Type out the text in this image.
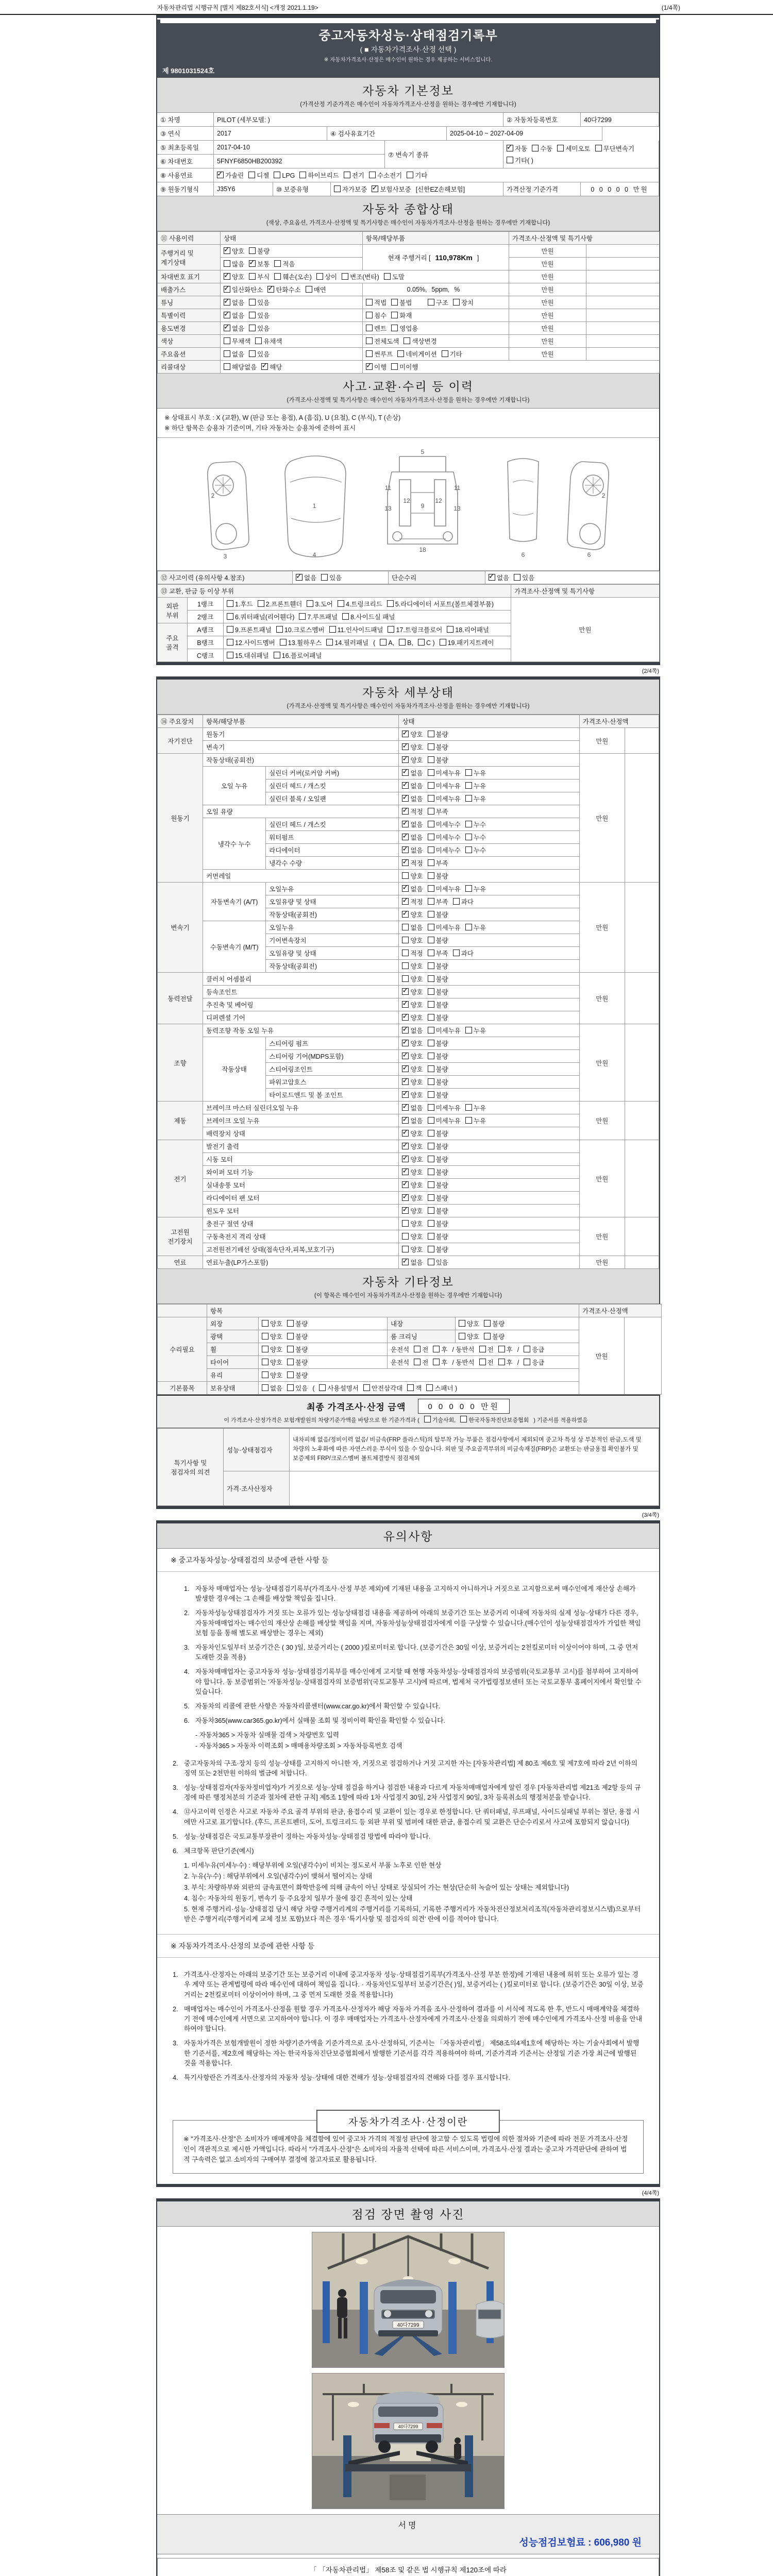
자동차관리법 시행규칙 [별지 제82호서식] <개정 2021.1.19>	(1/4쪽)
중고자동차성능·상태점검기록부
( ■ 자동차가격조사·산정 선택 )
※ 자동차가격조사·산정은 매수인이 원하는 경우 제공하는 서비스입니다.
제 9801031524호
자동차 기본정보

(가격산정 기준가격은 매수인이 자동차가격조사·산정을 원하는 경우에만 기재합니다)

① 차명	PILOT (세부모델: )	② 자동차등록번호	40다7299
③ 연식	2017	④ 검사유효기간	2025-04-10 ~ 2027-04-09
⑤ 최초등록일	2017-04-10
⑥ 차대번호	5FNYF6850HB200392
⑦ 변속기 종류
✓자동	수동	세미오토	무단변속기
기타( )
⑧ 사용연료 ✓	가솔린	디젤	LPG	하이브리드	전기	수소전기	기타
⑨ 원동기형식	J35Y6	⑩ 보증유형	자가보증 ✓	보험사보증 [신한EZ손해보험]	가격산정 기준가격	0 0 0 0 0 만원
자동차 종합상태

(색상, 주요옵션, 가격조사·산정액 및 특기사항은 매수인이 자동차가격조사·산정을 원하는 경우에만 기재합니다)

⑪ 사용이력	상태	항목/해당부품	가격조사·산정액 및 특기사항	
주행거리 및 계기상태	✓양호 불량	현재 주행거리 [ 110,978Km ]	만원	
	많음 ✓ 보통 적음		만원	
차대번호 표기	✓양호 부식 훼손(오손) 상이 변조(변타) 도말		만원	
배출가스	✓일산화탄소 ✓ 탄화수소 매연	0.05%, 5ppm, %	만원	
튜닝	✓없음 있음	적법 불법　 구조 장치	만원	
특별이력	✓없음 있음	침수 화재	만원	
용도변경	✓없음 있음	렌트 영업용	만원	
색상	무채색 유채색	전체도색 색상변경	만원	
주요옵션	없음 있음	썬루프 네비게이션 기타	만원	
리콜대상	해당없음 ✓ 해당	✓이행 미이행
사고·교환·수리 등 이력

(가격조사·산정액 및 특기사항은 매수인이 자동차가격조사·산정을 원하는 경우에만 기재합니다)

※ 상태표시 부호 : X (교환), W (판금 또는 용접), A (흠집), U (요철), C (부식), T (손상)
※ 하단 항목은 승용차 기준이며, 기타 자동차는 승용차에 준하여 표시
2
1
4
5
11	11
13
12	12
13
9
18
2
6
3	6
⑫ 사고이력 (유의사항 4.참조)	✓없음 있음	단순수리	✓없음 있음
⑬ 교환, 판금 등 이상 부위			가격조사·산정액 및 특기사항
외판 부위	1랭크	1.후드 2.프론트휀더 3.도어 4.트렁크리드 5.라디에이터 서포트(볼트체결부품)	만원
	2랭크	6.쿼터패널(리어휀다) 7.루프패널 8.사이드실 패널	
주요 골격	A랭크	9.프론트패널 10.크로스멤버 11.인사이드패널 17.트렁크플로어 18.리어패널	
	B랭크	12.사이드멤버 13.휠하우스 14.필러패널 ( A, B, C ) 19.패키지트레이	
	C랭크	15.대쉬패널 16.플로어패널	
(2/4쪽)
자동차 세부상태

(가격조사·산정액 및 특기사항은 매수인이 자동차가격조사·산정을 원하는 경우에만 기재합니다)

⑭ 주요장치	항목/해당부품		상태	가격조사·산정액	
자기진단	원동기	✓양호 불량	만원	
	변속기	✓양호 불량
원동기	작동상태(공회전)	✓양호 불량	만원	
	오일 누유	실린더 커버(로커암 커버)	✓없음 미세누유 누유
		실린더 헤드 / 개스킷	✓없음 미세누유 누유
		실린더 블록 / 오일팬	✓없음 미세누유 누유
	오일 유량	✓적정 부족
	냉각수 누수	실린더 헤드 / 개스킷	✓없음 미세누수 누수
		워터펌프	✓없음 미세누수 누수
		라디에이터	✓없음 미세누수 누수
		냉각수 수량	✓적정 부족
	커먼레일		양호 불량		
변속기	자동변속기 (A/T)	오일누유	✓없음 미세누유 누유	만원	
		오일유량 및 상태	✓적정 부족 과다
		작동상태(공회전)	✓양호 불량
	수동변속기 (M/T)	오일누유	없음 미세누유 누유		
		기어변속장치	양호 불량		
		오일유량 및 상태	적정 부족 과다		
		작동상태(공회전)	양호 불량		
동력전달	클러치 어셈블리		양호 불량	만원	
	등속조인트	✓양호 불량
	추진축 및 베어링	✓양호 불량
	디퍼렌셜 기어	✓양호 불량
조향	동력조향 작동 오일 누유	✓없음 미세누유 누유	만원	
	작동상태	스티어링 펌프	✓양호 불량
		스티어링 기어(MDPS포함)	✓양호 불량
		스티어링조인트	✓양호 불량
		파워고압호스	✓양호 불량
		타이로드엔드 및 볼 조인트	✓양호 불량
제동	브레이크 마스터 실린더오일 누유	✓없음 미세누유 누유	만원	
	브레이크 오일 누유	✓없음 미세누유 누유
	배력장치 상태	✓양호 불량
전기	발전기 출력	✓양호 불량	만원	
	시동 모터	✓양호 불량
	와이퍼 모터 기능	✓양호 불량
	실내송풍 모터	✓양호 불량
	라디에이터 팬 모터	✓양호 불량
	윈도우 모터	✓양호 불량
고전원 전기장치	충전구 절연 상태		양호 불량	만원	
	구동축전지 격리 상태		양호 불량		
	고전원전기배선 상태(접속단자,피복,보호기구)		양호 불량		
연료	연료누출(LP가스포함)	✓없음 있음	만원	
자동차 기타정보

(이 항목은 매수인이 자동차가격조사·산정을 원하는 경우에만 기재합니다)

	항목				가격조사·산정액	
수리필요	외장	양호 불량	내장	양호 불량	만원	
	광택	양호 불량	룸 크리닝	양호 불량		
	휠	양호 불량	운전석 전 후 / 동반석 전 후 / 응급			
	타이어	양호 불량	운전석 전 후 / 동반석 전 후 / 응급			
	유리	양호 불량				
기본품목	보유상태	없음 있음 ( 사용설명서 안전삼각대 잭 스패너 )				
최종 가격조사·산정 금액	0 0 0 0 0 만원
이 가격조사·산정가격은 보험개발원의 차량기준가액을 바탕으로 한 기준가격과 ( 기술사회, 한국자동차진단보증협회 ) 기준서를 적용하였음
특기사항 및 점검자의 의견	성능·상태점검자	내차피해 없음/정비이력 없음/ 비금속(FRP 플라스틱)의 탈부착 가능 부품은 점검사항에서 제외되며 중고차 특성 상 부분적인 판금,도색 및 차량의 노후화에 따른 자연스러운 부식이 있을 수 있습니다. 외판 및 주요골격부위의 비금속재질(FRP)은 교환또는 판금용접 확인불가 및 보증제외 FRP/크로스멤버 볼트체결방식 점검제외
	가격·조사산정자	
(3/4쪽)
유의사항
※ 중고자동차성능·상태점검의 보증에 관한 사항 등
1. 자동차 매매업자는 성능·상태점검기록부(가격조사·산정 부분 제외)에 기재된 내용을 고지하지 아니하거나 거짓으로 고지함으로써 매수인에게 재산상 손해가 발생한 경우에는 그 손해를 배상할 책임을 집니다.
2. 자동차성능상태점검자가 거짓 또는 오류가 있는 성능상태점검 내용을 제공하여 아래의 보증기간 또는 보증거리 이내에 자동차의 실제 성능·상태가 다른 경우, 자동차매매업자는 매수인의 재산상 손해를 배상할 책임을 지며, 자동차성능상태점검자에게 이를 구상할 수 있습니다.(매수인이 성능상태점검자가 가입한 책임보험 등을 통해 별도로 배상받는 경우는 제외)
3. 자동차인도일부터 보증기간은 ( 30 )일, 보증거리는 ( 2000 )킬로미터로 합니다. (보증기간은 30일 이상, 보증거리는 2천킬로미터 이상이어야 하며, 그 중 먼저 도래한 것을 적용)
4. 자동차매매업자는 중고자동차 성능·상태점검기록부를 매수인에게 고지할 때 현행 자동차성능·상태점검자의 보증범위(국토교통부 고시)를 첨부하여 고지하여야 합니다. 동 보증범위는 '자동차성능·상태점검자의 보증범위'(국토교통부 고시)에 따르며, 법제처 국가법령정보센터 또는 국토교통부 홈페이지에서 확인할 수 있습니다.
5. 자동차의 리콜에 관한 사항은 자동차리콜센터(www.car.go.kr)에서 확인할 수 있습니다.
6. 자동차365(www.car365.go.kr)에서 실매물 조회 및 정비이력 확인을 확인할 수 있습니다.
- 자동차365 > 자동차 실매물 검색 > 차량번호 입력
- 자동차365 > 자동차 이력조회 > 매매용차량조회 > 자동차등록번호 검색
2. 중고자동차의 구조·장치 등의 성능·상태를 고지하지 아니한 자, 거짓으로 점검하거나 거짓 고지한 자는 [자동차관리법] 제 80조 제6호 및 제7호에 따라 2년 이하의 징역 또는 2천만원 이하의 벌금에 처합니다.
3. 성능·상태점검자(자동차정비업자)가 거짓으로 성능·상태 점검을 하거나 점검한 내용과 다르게 자동차매매업자에게 알린 경우 [자동차관리법 제21조 제2항 등의 규정에 따른 행정처분의 기준과 절차에 관한 규칙] 제5조 1항에 따라 1차 사업정지 30일, 2차 사업정지 90일, 3차 등록취소의 행정처분을 받습니다.
4. ⑫사고이력 인정은 사고로 자동차 주요 골격 부위의 판금, 용접수리 및 교환이 있는 경우로 한정합니다. 단 쿼터패널, 루프패널, 사이드실패널 부위는 절단, 용접 시에만 사고로 표기합니다. (후드, 프론트펜더, 도어, 트렁크리드 등 외판 부위 및 범퍼에 대한 판금, 용접수리 및 교환은 단순수리로서 사고에 포함되지 않습니다)
5. 성능·상태점검은 국토교통부장관이 정하는 자동차성능·상태점검 방법에 따라야 합니다.
6. 체크항목 판단기준(예시)
1. 미세누유(미세누수) : 해당부위에 오일(냉각수)이 비치는 정도로서 부품 노후로 인한 현상
2. 누유(누수) : 해당부위에서 오일(냉각수)이 맺혀서 떨어지는 상태
3. 부식: 차량하부와 외판의 금속표면이 화학반응에 의해 금속이 아닌 상태로 상실되어 가는 현상(단순히 녹슬어 있는 상태는 제외합니다)
4. 침수: 자동차의 원동기, 변속기 등 주요장치 일부가 물에 잠긴 흔적이 있는 상태
5. 현재 주행거리·성능·상태점검 당시 해당 차량 주행거리계의 주행거리를 기록하되, 기록한 주행거리가 자동차전산정보처리조직(자동차관리정보시스템)으로부터 받은 주행거리(주행거리계 교체 정보 포함)보다 적은 경우 '특기사항 및 점검자의 의견' 란에 이를 적어야 합니다.
※ 자동차가격조사·산정의 보증에 관한 사항 등
1. 가격조사·산정자는 아래의 보증기간 또는 보증거리 이내에 중고자동차 성능·상태점검기록부(가격조사·산정 부분 한정)에 기재된 내용에 허위 또는 오류가 있는 경우 계약 또는 관계법령에 따라 매수인에 대하여 책임을 집니다. · 자동차인도일부터 보증기간은( )일, 보증거리는 ( )킬로미터로 합니다. (보증기간은 30일 이상, 보증거리는 2천킬로미터 이상이어야 하며, 그 중 먼저 도래한 것을 적용합니다)
2. 매매업자는 매수인이 가격조사·산정을 원할 경우 가격조사·산정자가 해당 자동차 가격을 조사·산정하여 결과를 이 서식에 적도록 한 후, 반드시 매매계약을 체결하기 전에 매수인에게 서면으로 고지하여야 합니다. 이 경우 매매업자는 가격조사·산정자에게 가격조사·산정을 의뢰하기 전에 매수인에게 가격조사·산정 비용을 안내하여야 합니다.
3. 자동차가격은 보험개발원이 정한 차량기준가액을 기준가격으로 조사·산정하되, 기준서는 「자동차관리법」 제58조의4제1호에 해당하는 자는 기술사회에서 발행한 기준서를, 제2호에 해당하는 자는 한국자동차진단보증협회에서 발행한 기준서를 각각 적용하여야 하며, 기준가격과 기준서는 산정일 기준 가장 최근에 발행된 것을 적용합니다.
4. 특기사항란은 가격조사·산정자의 자동차 성능·상태에 대한 견해가 성능·상태점검자의 견해와 다를 경우 표시합니다.
자동차가격조사·산정이란
※ "가격조사·산정"은 소비자가 매매계약을 체결함에 있어 중고차 가격의 적절성 판단에 참고할 수 있도록 법령에 의한 절차와 기준에 따라 전문 가격조사·산정인이 객관적으로 제시한 가액입니다. 따라서 "가격조사·산정"은 소비자의 자율적 선택에 따른 서비스이며, 가격조사·산정 결과는 중고차 가격판단에 관하여 법적 구속력은 없고 소비자의 구매여부 결정에 참고자료로 활용됩니다.
(4/4쪽)
점검 장면 촬영 사진
40다7299
40다7299
서명
성능점검보험료 : 606,980 원
「 「자동차관리법」 제58조 및 같은 법 시행규칙 제120조에 따라
